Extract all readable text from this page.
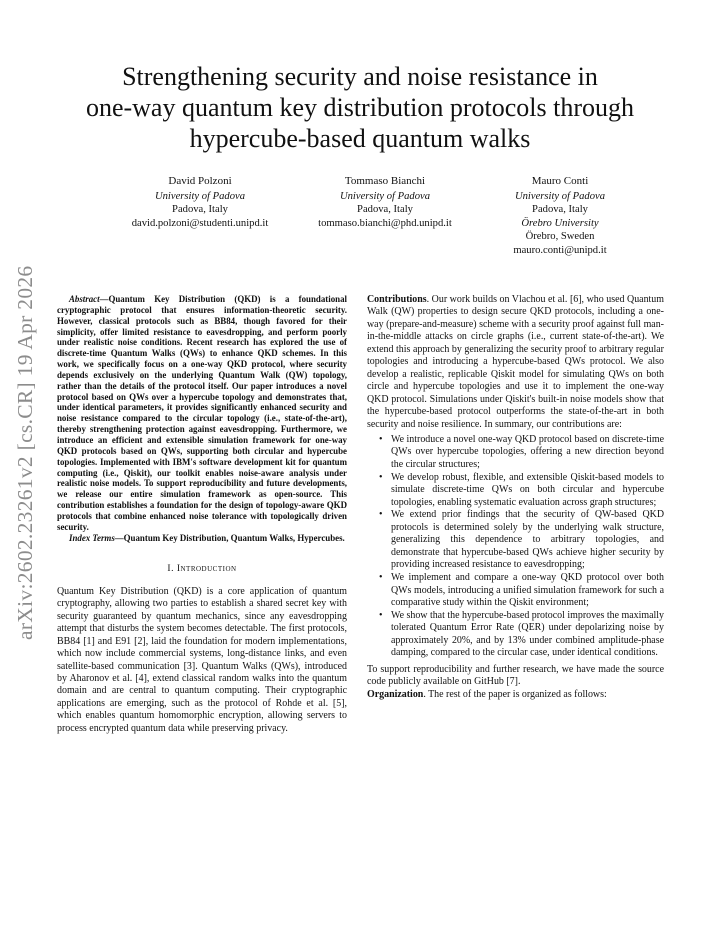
arXiv:2602.23261v2 [cs.CR] 19 Apr 2026
Strengthening security and noise resistance in
one-way quantum key distribution protocols through
hypercube-based quantum walks
David Polzoni
University of Padova
Padova, Italy
david.polzoni@studenti.unipd.it
Tommaso Bianchi
University of Padova
Padova, Italy
tommaso.bianchi@phd.unipd.it
Mauro Conti
University of Padova
Padova, Italy
Örebro University
Örebro, Sweden
mauro.conti@unipd.it

Abstract—Quantum Key Distribution (QKD) is a foundational cryptographic protocol that ensures information-theoretic security. However, classical protocols such as BB84, though favored for their simplicity, offer limited resistance to eavesdropping, and perform poorly under realistic noise conditions. Recent research has explored the use of discrete-time Quantum Walks (QWs) to enhance QKD schemes. In this work, we specifically focus on a one-way QKD protocol, where security depends exclusively on the underlying Quantum Walk (QW) topology, rather than the details of the protocol itself. Our paper introduces a novel protocol based on QWs over a hypercube topology and demonstrates that, under identical parameters, it provides significantly enhanced security and noise resistance compared to the circular topology (i.e., state-of-the-art), thereby strengthening protection against eavesdropping. Furthermore, we introduce an efficient and extensible simulation framework for one-way QKD protocols based on QWs, supporting both circular and hypercube topologies. Implemented with IBM's software development kit for quantum computing (i.e., Qiskit), our toolkit enables noise-aware analysis under realistic noise models. To support reproducibility and future developments, we release our entire simulation framework as open-source. This contribution establishes a foundation for the design of topology-aware QKD protocols that combine enhanced noise tolerance with topologically driven security.

Index Terms—Quantum Key Distribution, Quantum Walks, Hypercubes.

I. Introduction

Quantum Key Distribution (QKD) is a core application of quantum cryptography, allowing two parties to establish a shared secret key with security guaranteed by quantum mechanics, since any eavesdropping attempt that disturbs the system becomes detectable. The first protocols, BB84 [1] and E91 [2], laid the foundation for modern implementations, which now include commercial systems, long-distance links, and even satellite-based communication [3]. Quantum Walks (QWs), introduced by Aharonov et al. [4], extend classical random walks into the quantum domain and are central to quantum computing. Their cryptographic applications are emerging, such as the protocol of Rohde et al. [5], which enables quantum homomorphic encryption, allowing servers to process encrypted quantum data while preserving privacy.

Contributions. Our work builds on Vlachou et al. [6], who used Quantum Walk (QW) properties to design secure QKD protocols, including a one-way (prepare-and-measure) scheme with a security proof against full man-in-the-middle attacks on circle graphs (i.e., current state-of-the-art). We extend this approach by generalizing the security proof to arbitrary regular topologies and introducing a hypercube-based QWs protocol. We also develop a realistic, replicable Qiskit model for simulating QWs on both circle and hypercube topologies and use it to implement the one-way QKD protocol. Simulations under Qiskit's built-in noise models show that the hypercube-based protocol outperforms the state-of-the-art in both security and noise resilience. In summary, our contributions are:

• We introduce a novel one-way QKD protocol based on discrete-time QWs over hypercube topologies, offering a new direction beyond the circular structures;
• We develop robust, flexible, and extensible Qiskit-based models to simulate discrete-time QWs on both circular and hypercube topologies, enabling systematic evaluation across graph structures;
• We extend prior findings that the security of QW-based QKD protocols is determined solely by the underlying walk structure, generalizing this dependence to arbitrary topologies, and demonstrate that hypercube-based QWs achieve higher security by providing increased resistance to eavesdropping;
• We implement and compare a one-way QKD protocol over both QWs models, introducing a unified simulation framework for such a comparative study within the Qiskit environment;
• We show that the hypercube-based protocol improves the maximally tolerated Quantum Error Rate (QER) under depolarizing noise by approximately 20%, and by 13% under combined amplitude-phase damping, compared to the circular case, under identical conditions.

To support reproducibility and further research, we have made the source code publicly available on GitHub [7].

Organization. The rest of the paper is organized as follows:
